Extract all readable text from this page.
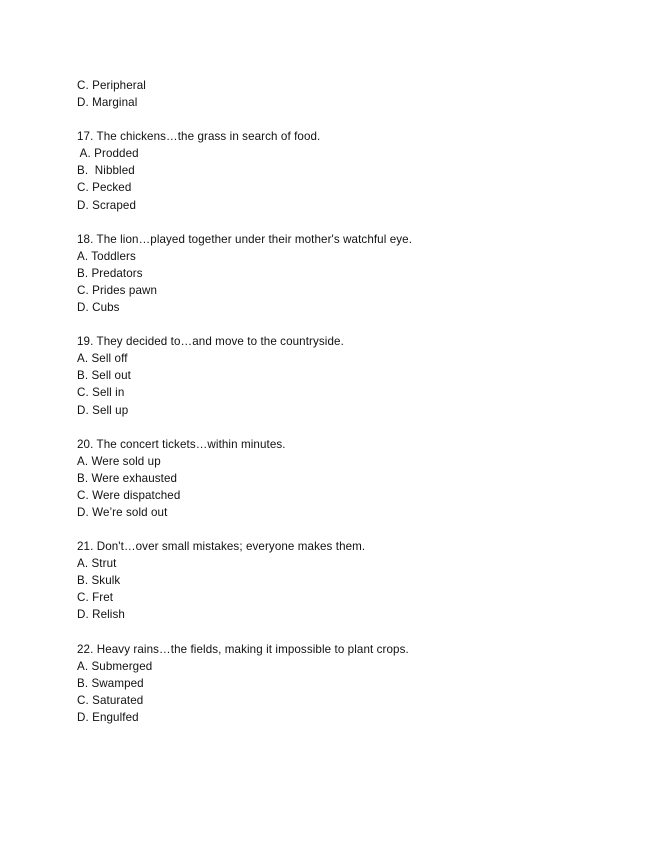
C. Peripheral
D. Marginal
17. The chickens…the grass in search of food.
A. Prodded
B.  Nibbled
C. Pecked
D. Scraped
18. The lion…played together under their mother's watchful eye.
A. Toddlers
B. Predators
C. Prides pawn
D. Cubs
19. They decided to…and move to the countryside.
A. Sell off
B. Sell out
C. Sell in
D. Sell up
20. The concert tickets…within minutes.
A. Were sold up
B. Were exhausted
C. Were dispatched
D. We’re sold out
21. Don't…over small mistakes; everyone makes them.
A. Strut
B. Skulk
C. Fret
D. Relish
22. Heavy rains…the fields, making it impossible to plant crops.
A. Submerged
B. Swamped
C. Saturated
D. Engulfed
